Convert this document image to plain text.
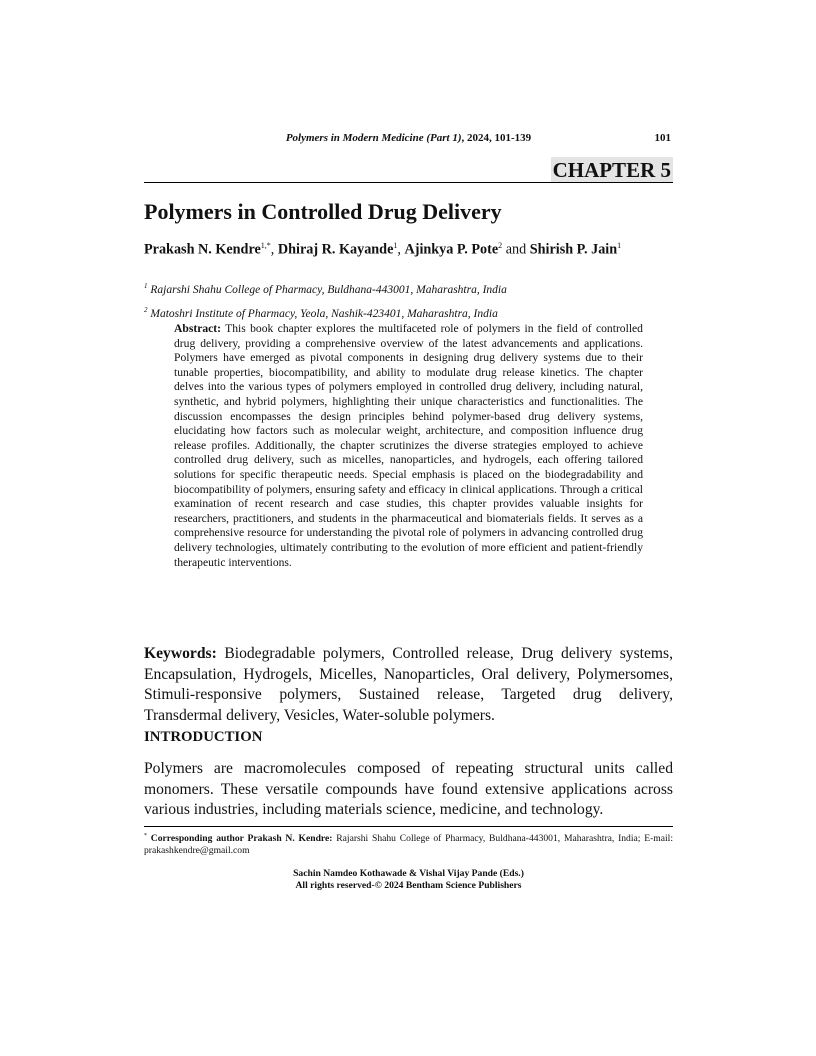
Polymers in Modern Medicine (Part 1), 2024, 101-139	101
CHAPTER 5
Polymers in Controlled Drug Delivery
Prakash N. Kendre$^{1,*}$, Dhiraj R. Kayande$^1$, Ajinkya P. Pote$^2$ and Shirish P. Jain$^1$
$^1$ Rajarshi Shahu College of Pharmacy, Buldhana-443001, Maharashtra, India
$^2$ Matoshri Institute of Pharmacy, Yeola, Nashik-423401, Maharashtra, India
Abstract: This book chapter explores the multifaceted role of polymers in the field of controlled drug delivery, providing a comprehensive overview of the latest advancements and applications. Polymers have emerged as pivotal components in designing drug delivery systems due to their tunable properties, biocompatibility, and ability to modulate drug release kinetics. The chapter delves into the various types of polymers employed in controlled drug delivery, including natural, synthetic, and hybrid polymers, highlighting their unique characteristics and functionalities. The discussion encompasses the design principles behind polymer-based drug delivery systems, elucidating how factors such as molecular weight, architecture, and composition influence drug release profiles. Additionally, the chapter scrutinizes the diverse strategies employed to achieve controlled drug delivery, such as micelles, nanoparticles, and hydrogels, each offering tailored solutions for specific therapeutic needs. Special emphasis is placed on the biodegradability and biocompatibility of polymers, ensuring safety and efficacy in clinical applications. Through a critical examination of recent research and case studies, this chapter provides valuable insights for researchers, practitioners, and students in the pharmaceutical and biomaterials fields. It serves as a comprehensive resource for understanding the pivotal role of polymers in advancing controlled drug delivery technologies, ultimately contributing to the evolution of more efficient and patient-friendly therapeutic interventions.
Keywords: Biodegradable polymers, Controlled release, Drug delivery systems, Encapsulation, Hydrogels, Micelles, Nanoparticles, Oral delivery, Polymersomes, Stimuli-responsive polymers, Sustained release, Targeted drug delivery, Transdermal delivery, Vesicles, Water-soluble polymers.
INTRODUCTION

Polymers are macromolecules composed of repeating structural units called monomers. These versatile compounds have found extensive applications across various industries, including materials science, medicine, and technology.

* Corresponding author Prakash N. Kendre: Rajarshi Shahu College of Pharmacy, Buldhana-443001, Maharashtra, India; E-mail: prakashkendre@gmail.com
Sachin Namdeo Kothawade & Vishal Vijay Pande (Eds.)
All rights reserved-© 2024 Bentham Science Publishers
